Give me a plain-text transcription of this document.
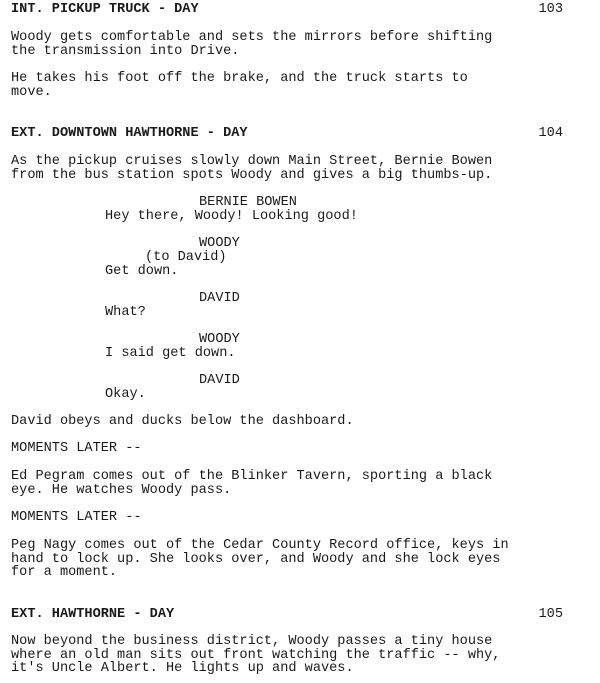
INT. PICKUP TRUCK - DAY	103
Woody gets comfortable and sets the mirrors before shifting
the transmission into Drive.
He takes his foot off the brake, and the truck starts to
move.
EXT. DOWNTOWN HAWTHORNE - DAY	104
As the pickup cruises slowly down Main Street, Bernie Bowen
from the bus station spots Woody and gives a big thumbs-up.
BERNIE BOWEN
Hey there, Woody! Looking good!
WOODY
(to David)
Get down.
DAVID
What?
WOODY
I said get down.
DAVID
Okay.
David obeys and ducks below the dashboard.
MOMENTS LATER --
Ed Pegram comes out of the Blinker Tavern, sporting a black
eye. He watches Woody pass.
MOMENTS LATER --
Peg Nagy comes out of the Cedar County Record office, keys in
hand to lock up. She looks over, and Woody and she lock eyes
for a moment.
EXT. HAWTHORNE - DAY	105
Now beyond the business district, Woody passes a tiny house
where an old man sits out front watching the traffic -- why,
it's Uncle Albert. He lights up and waves.
